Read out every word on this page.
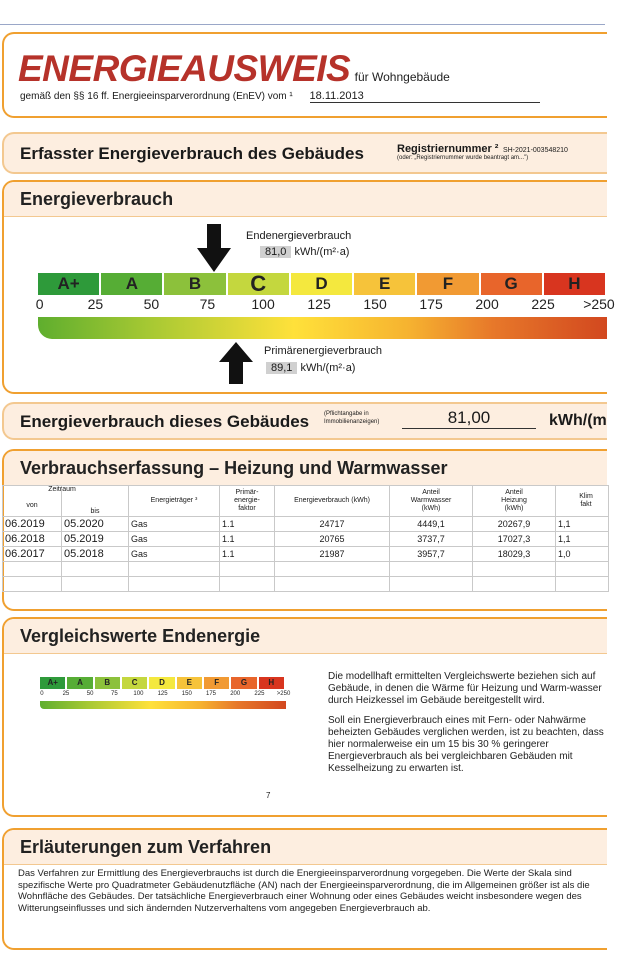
ENERGIEAUSWEIS für Wohngebäude
gemäß den §§ 16 ff. Energieeinsparverordnung (EnEV) vom ¹ 18.11.2013
Erfasster Energieverbrauch des Gebäudes	Registriernummer ² SH-2021-003548210
(oder: „Registriernummer wurde beantragt am...")
Energieverbrauch
Endenergieverbrauch
81,0 kWh/(m²·a)
A+	A	B	C	D	E	F	G	H
0	25	50	75	100 125 150 175 200 225 >250
Primärenergieverbrauch
89,1 kWh/(m²·a)
Energieverbrauch dieses Gebäudes (Pflichtangabe in Immobilienanzeigen)	81,00	kWh/(m
Verbrauchserfassung – Heizung und Warmwasser
Zeitraum
von	bis	Energieträger ³	Primär-energie-faktor	Energieverbrauch (kWh)	Anteil Warmwasser (kWh)	Anteil Heizung (kWh)	Klim fakt

06.2019	05.2020	Gas	1.1	24717	4449,1	20267,9	1,1
06.2018	05.2019	Gas	1.1	20765	3737,7	17027,3	1,1
06.2017	05.2018	Gas	1.1	21987	3957,7	18029,3	1,0

Vergleichswerte Endenergie
A+	A	B	C	D	E	F	G	H
0	25	50	75	100 125 150 175 200 225 >250
7
Die modellhaft ermittelten Vergleichswerte beziehen sich auf Gebäude, in denen die Wärme für Heizung und Warm-wasser durch Heizkessel im Gebäude bereitgestellt wird.
Soll ein Energieverbrauch eines mit Fern- oder Nahwärme beheizten Gebäudes verglichen werden, ist zu beachten, dass hier normalerweise ein um 15 bis 30 % geringerer Energieverbrauch als bei vergleichbaren Gebäuden mit Kesselheizung zu erwarten ist.
Erläuterungen zum Verfahren
Das Verfahren zur Ermittlung des Energieverbrauchs ist durch die Energieeinsparverordnung vorgegeben. Die Werte der Skala sind spezifische Werte pro Quadratmeter Gebäudenutzfläche (AN) nach der Energieeinsparverordnung, die im Allgemeinen größer ist als die Wohnfläche des Gebäudes. Der tatsächliche Energieverbrauch einer Wohnung oder eines Gebäudes weicht insbesondere wegen des Witterungseinflusses und sich ändernden Nutzerverhaltens vom angegeben Energieverbrauch ab.
